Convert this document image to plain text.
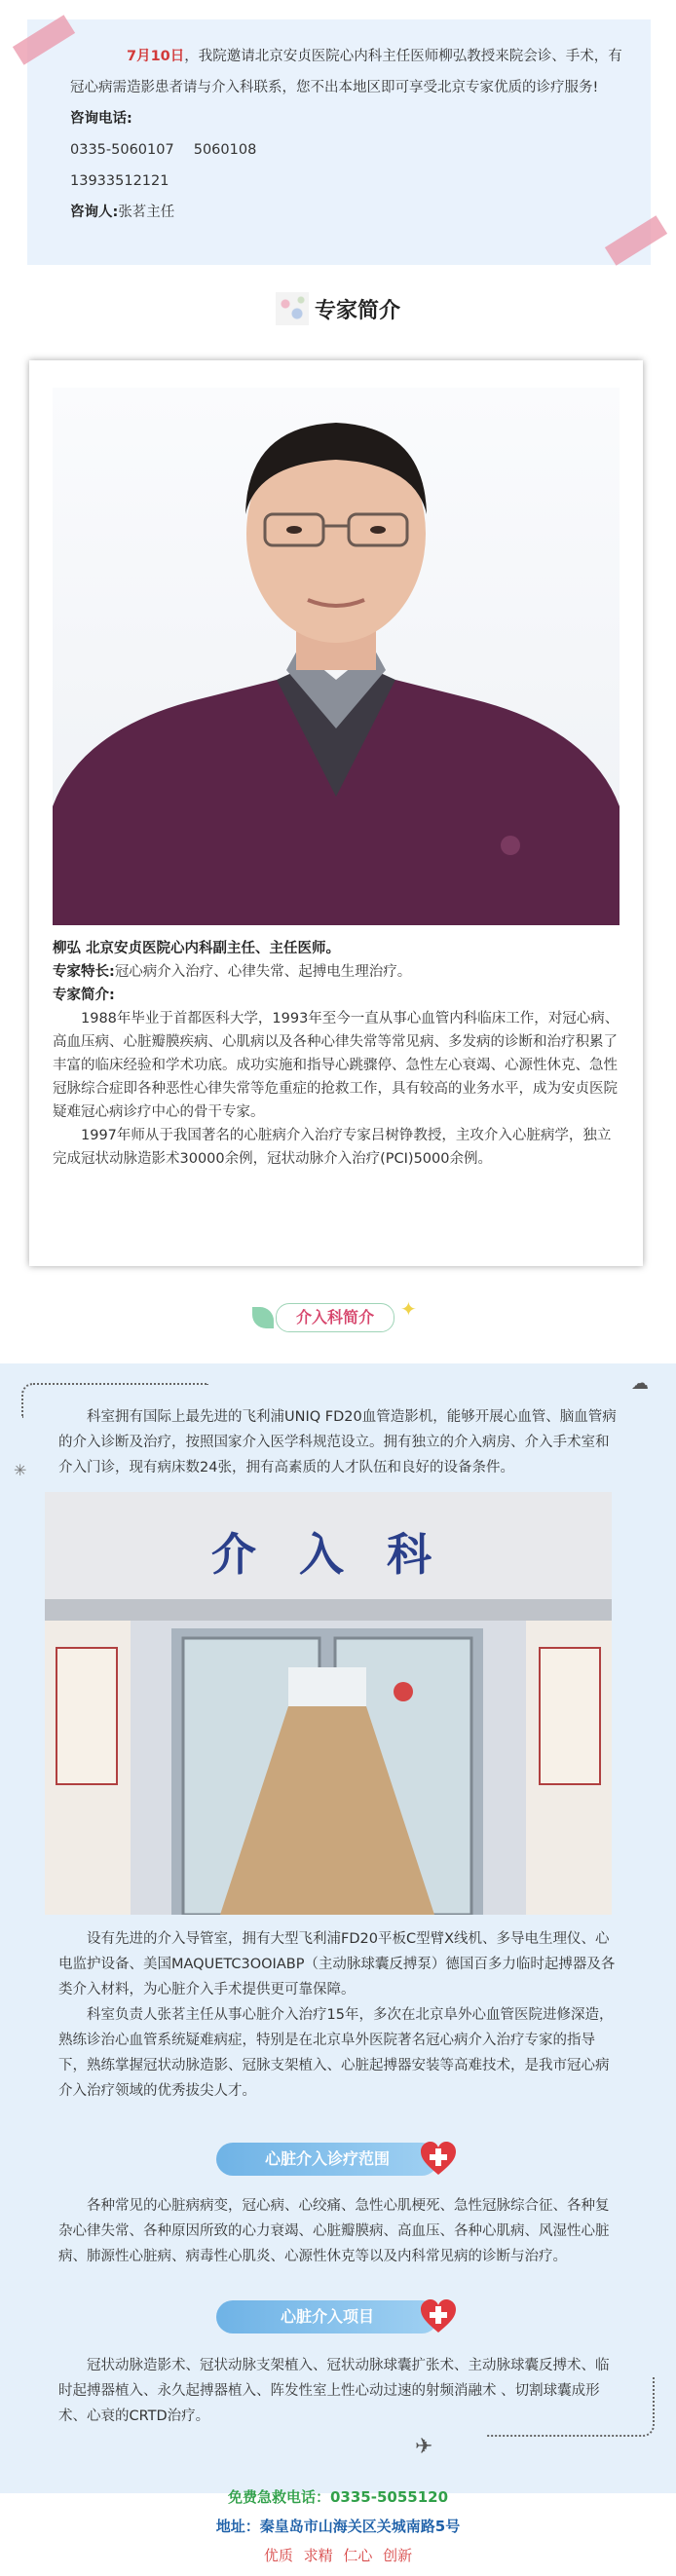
7月10日，我院邀请北京安贞医院心内科主任医师柳弘教授来院会诊、手术，有冠心病需造影患者请与介入科联系，您不出本地区即可享受北京专家优质的诊疗服务!
咨询电话:
0335-5060107 5060108
13933512121
咨询人:张茗主任
专家简介
柳弘 北京安贞医院心内科副主任、主任医师。
专家特长:冠心病介入治疗、心律失常、起搏电生理治疗。
专家简介:

1988年毕业于首都医科大学，1993年至今一直从事心血管内科临床工作，对冠心病、高血压病、心脏瓣膜疾病、心肌病以及各种心律失常等常见病、多发病的诊断和治疗积累了丰富的临床经验和学术功底。成功实施和指导心跳骤停、急性左心衰竭、心源性休克、急性冠脉综合症即各种恶性心律失常等危重症的抢救工作，具有较高的业务水平，成为安贞医院疑难冠心病诊疗中心的骨干专家。

1997年师从于我国著名的心脏病介入治疗专家吕树铮教授，主攻介入心脏病学，独立完成冠状动脉造影术30000余例，冠状动脉介入治疗(PCI)5000余例。

介入科简介	✦
☁
✳

科室拥有国际上最先进的飞利浦UNIQ FD20血管造影机，能够开展心血管、脑血管病的介入诊断及治疗，按照国家介入医学科规范设立。拥有独立的介入病房、介入手术室和介入门诊，现有病床数24张，拥有高素质的人才队伍和良好的设备条件。

介 入 科

设有先进的介入导管室，拥有大型飞利浦FD20平板C型臂X线机、多导电生理仪、心电监护设备、美国MAQUETC3OOIABP（主动脉球囊反搏泵）德国百多力临时起搏器及各类介入材料，为心脏介入手术提供更可靠保障。

科室负责人张茗主任从事心脏介入治疗15年，多次在北京阜外心血管医院进修深造，熟练诊治心血管系统疑难病症，特别是在北京阜外医院著名冠心病介入治疗专家的指导下，熟练掌握冠状动脉造影、冠脉支架植入、心脏起搏器安装等高难技术，是我市冠心病介入治疗领域的优秀拔尖人才。

心脏介入诊疗范围

各种常见的心脏病病变，冠心病、心绞痛、急性心肌梗死、急性冠脉综合征、各种复杂心律失常、各种原因所致的心力衰竭、心脏瓣膜病、高血压、各种心肌病、风湿性心脏病、肺源性心脏病、病毒性心肌炎、心源性休克等以及内科常见病的诊断与治疗。

心脏介入项目

冠状动脉造影术、冠状动脉支架植入、冠状动脉球囊扩张术、主动脉球囊反搏术、临时起搏器植入、永久起搏器植入、阵发性室上性心动过速的射频消融术 、切割球囊成形术、心衰的CRTD治疗。

✈
免费急救电话：0335-5055120
地址：秦皇岛市山海关区关城南路5号
优质 求精 仁心 创新
